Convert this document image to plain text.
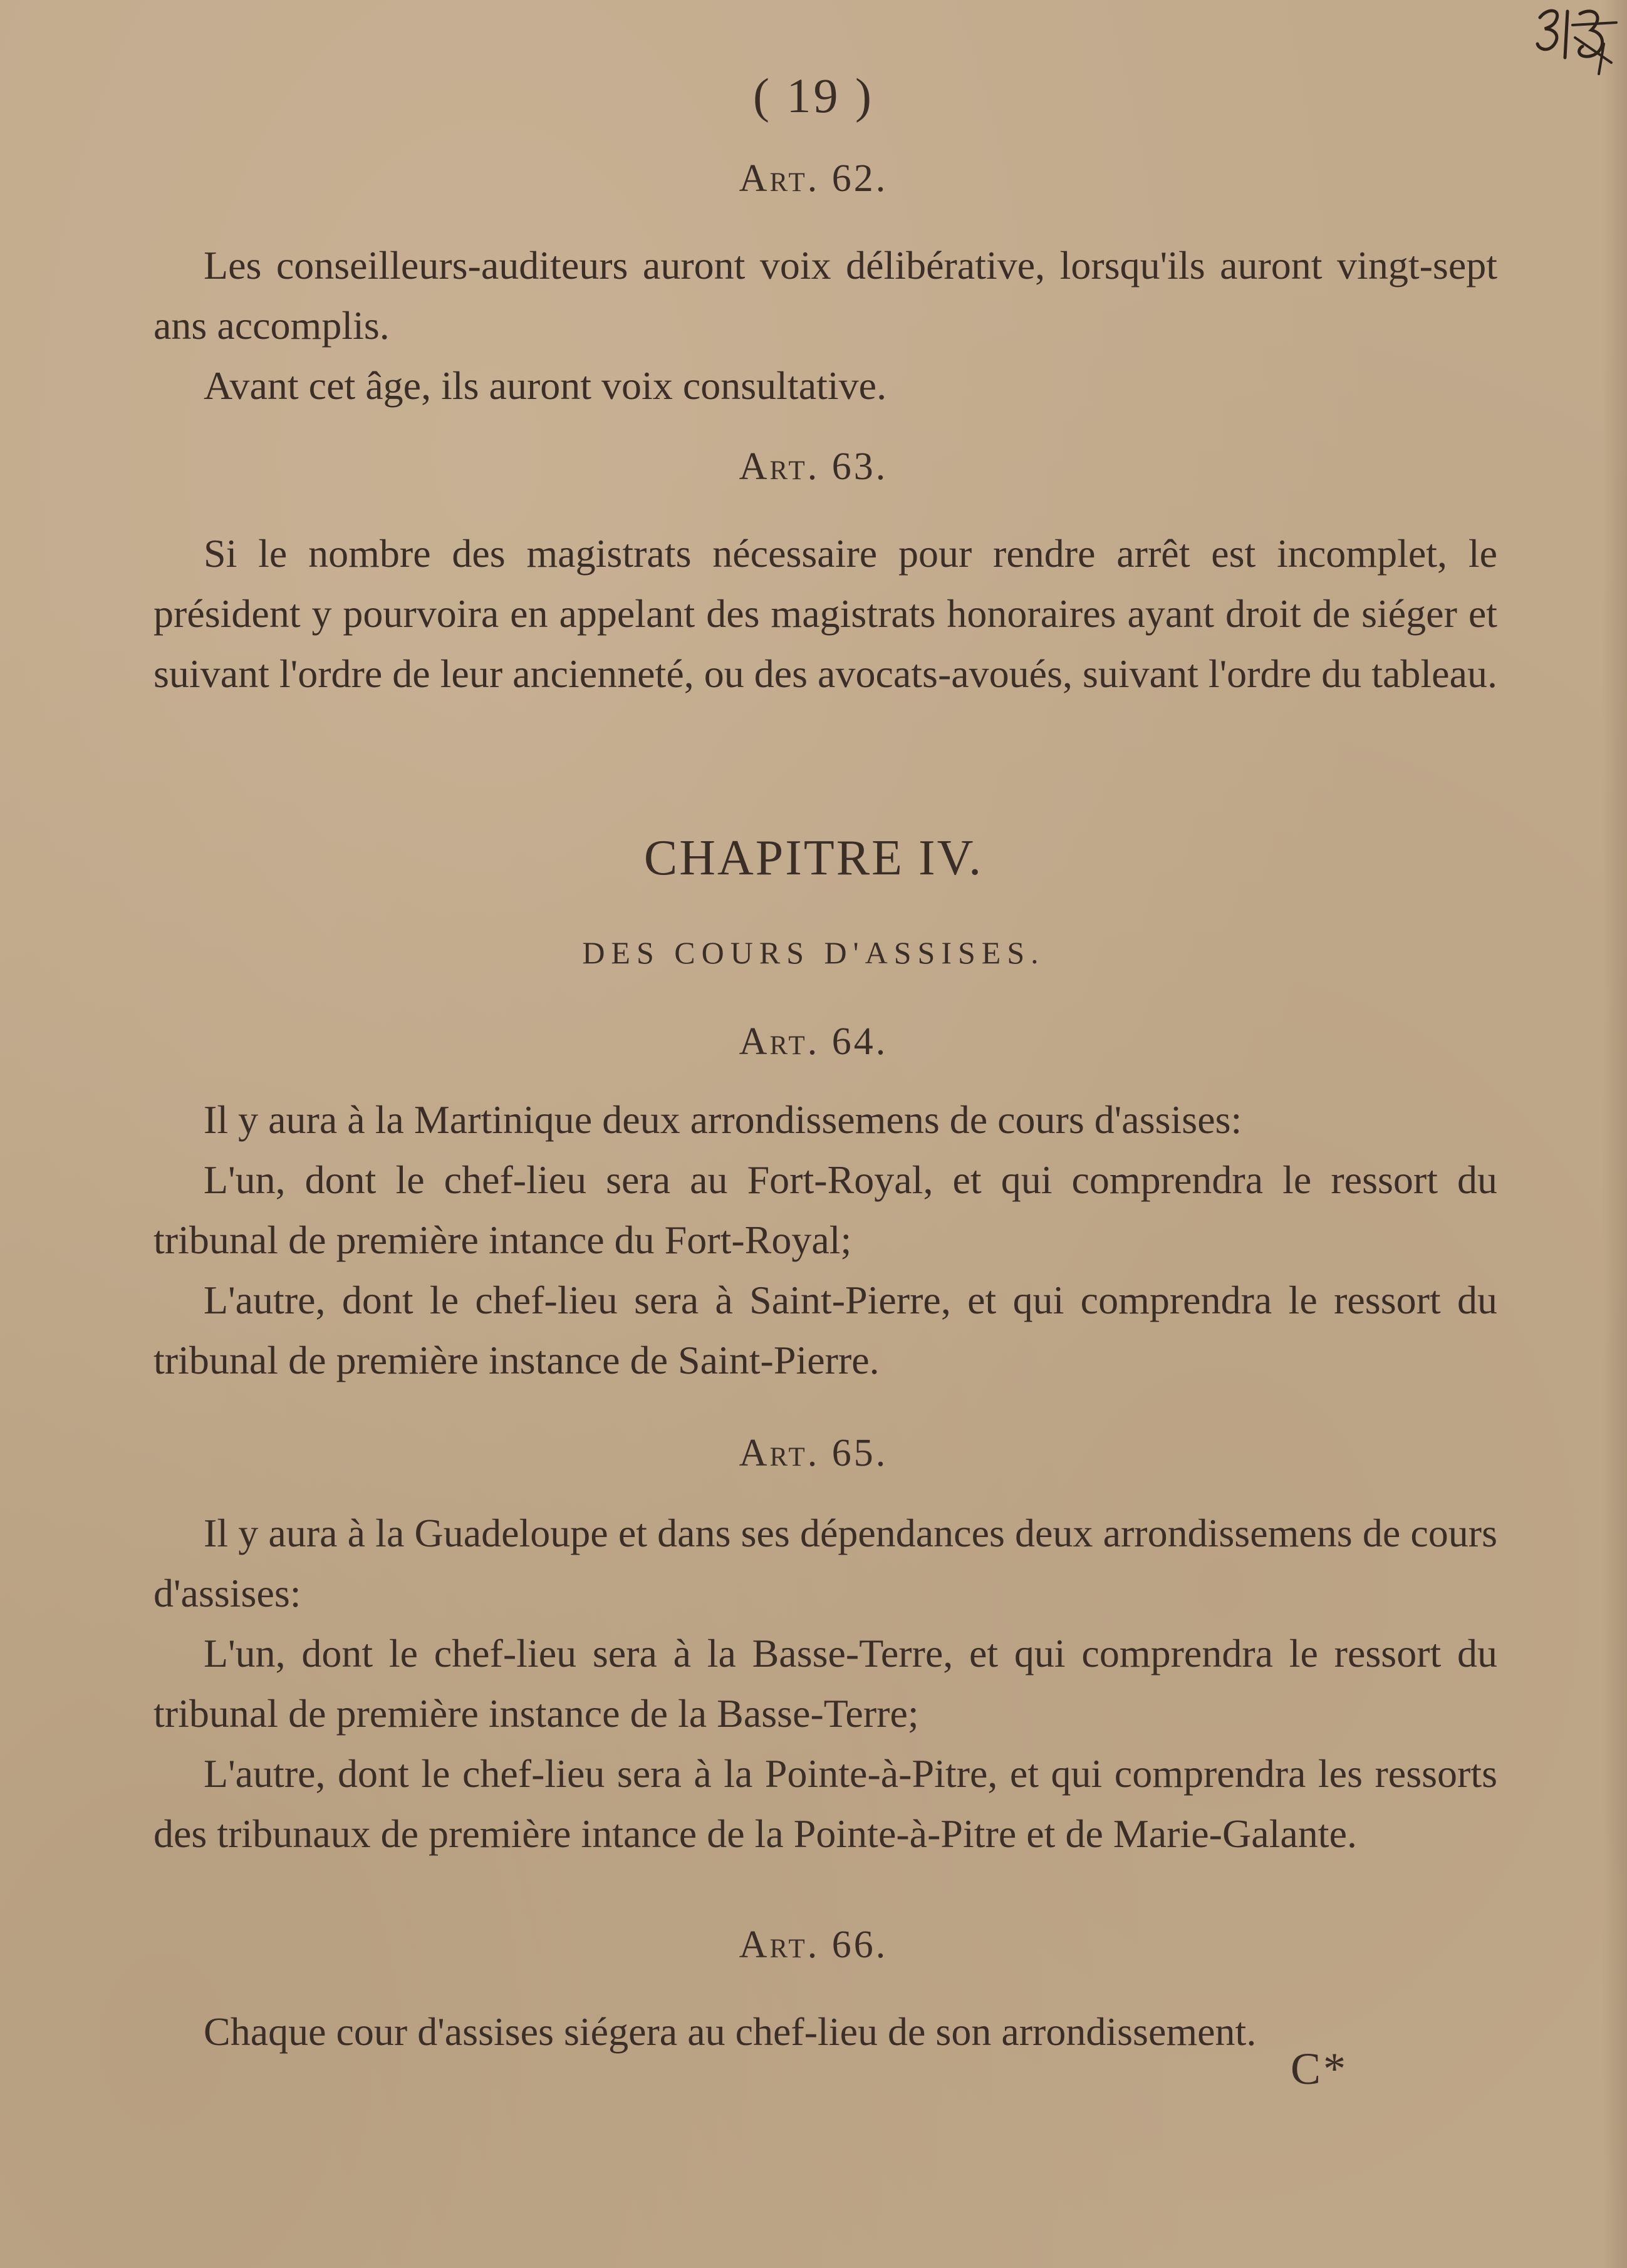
( 19 )
Art. 62.

Les conseilleurs-auditeurs auront voix délibérative, lorsqu'ils auront vingt-sept ans accomplis.

Avant cet âge, ils auront voix consultative.

Art. 63.

Si le nombre des magistrats nécessaire pour rendre arrêt est incomplet, le président y pourvoira en appelant des magistrats honoraires ayant droit de siéger et suivant l'ordre de leur ancienneté, ou des avocats-avoués, suivant l'ordre du tableau.

CHAPITRE IV.
DES COURS D'ASSISES.
Art. 64.

Il y aura à la Martinique deux arrondissemens de cours d'assises:

L'un, dont le chef-lieu sera au Fort-Royal, et qui comprendra le ressort du tribunal de première intance du Fort-Royal;

L'autre, dont le chef-lieu sera à Saint-Pierre, et qui comprendra le ressort du tribunal de première instance de Saint-Pierre.

Art. 65.

Il y aura à la Guadeloupe et dans ses dépendances deux arrondissemens de cours d'assises:

L'un, dont le chef-lieu sera à la Basse-Terre, et qui comprendra le ressort du tribunal de première instance de la Basse-Terre;

L'autre, dont le chef-lieu sera à la Pointe-à-Pitre, et qui comprendra les ressorts des tribunaux de première intance de la Pointe-à-Pitre et de Marie-Galante.

Art. 66.

Chaque cour d'assises siégera au chef-lieu de son arrondissement.

C*
